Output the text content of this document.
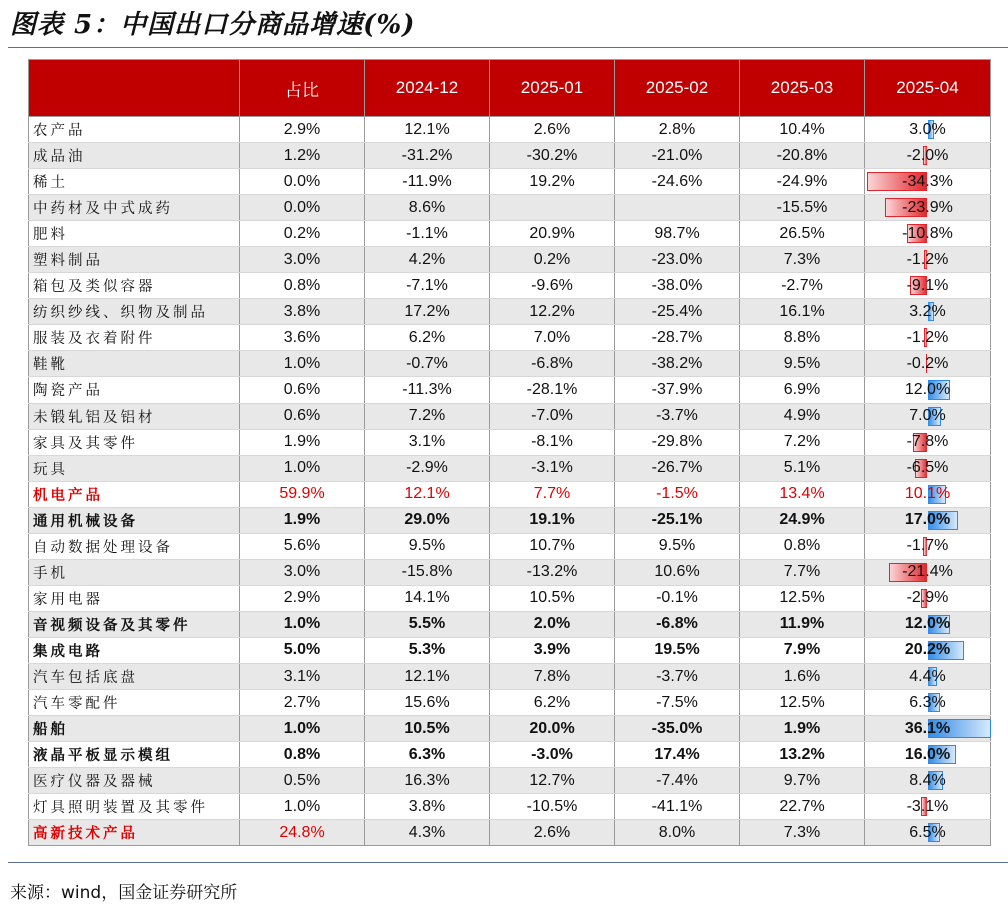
图表 5：中国出口分商品增速(%)
	占比	2024-12	2025-01	2025-02	2025-03	2025-04
农产品	2.9%	12.1%	2.6%	2.8%	10.4%	3.0%
成品油	1.2%	-31.2%	-30.2%	-21.0%	-20.8%	-2.0%
稀土	0.0%	-11.9%	19.2%	-24.6%	-24.9%	-34.3%
中药材及中式成药	0.0%	8.6%			-15.5%	-23.9%
肥料	0.2%	-1.1%	20.9%	98.7%	26.5%	-10.8%
塑料制品	3.0%	4.2%	0.2%	-23.0%	7.3%	-1.2%
箱包及类似容器	0.8%	-7.1%	-9.6%	-38.0%	-2.7%	-9.1%
纺织纱线、织物及制品	3.8%	17.2%	12.2%	-25.4%	16.1%	3.2%
服装及衣着附件	3.6%	6.2%	7.0%	-28.7%	8.8%	-1.2%
鞋靴	1.0%	-0.7%	-6.8%	-38.2%	9.5%	-0.2%
陶瓷产品	0.6%	-11.3%	-28.1%	-37.9%	6.9%	12.0%
未锻轧铝及铝材	0.6%	7.2%	-7.0%	-3.7%	4.9%	7.0%
家具及其零件	1.9%	3.1%	-8.1%	-29.8%	7.2%	-7.8%
玩具	1.0%	-2.9%	-3.1%	-26.7%	5.1%	-6.5%
机电产品	59.9%	12.1%	7.7%	-1.5%	13.4%	10.1%
通用机械设备	1.9%	29.0%	19.1%	-25.1%	24.9%	17.0%
自动数据处理设备	5.6%	9.5%	10.7%	9.5%	0.8%	-1.7%
手机	3.0%	-15.8%	-13.2%	10.6%	7.7%	-21.4%
家用电器	2.9%	14.1%	10.5%	-0.1%	12.5%	-2.9%
音视频设备及其零件	1.0%	5.5%	2.0%	-6.8%	11.9%	12.0%
集成电路	5.0%	5.3%	3.9%	19.5%	7.9%	20.2%
汽车包括底盘	3.1%	12.1%	7.8%	-3.7%	1.6%	4.4%
汽车零配件	2.7%	15.6%	6.2%	-7.5%	12.5%	6.3%
船舶	1.0%	10.5%	20.0%	-35.0%	1.9%	36.1%
液晶平板显示模组	0.8%	6.3%	-3.0%	17.4%	13.2%	16.0%
医疗仪器及器械	0.5%	16.3%	12.7%	-7.4%	9.7%	8.4%
灯具照明装置及其零件	1.0%	3.8%	-10.5%	-41.1%	22.7%	-3.1%
高新技术产品	24.8%	4.3%	2.6%	8.0%	7.3%	6.5%
来源：wind，国金证券研究所
